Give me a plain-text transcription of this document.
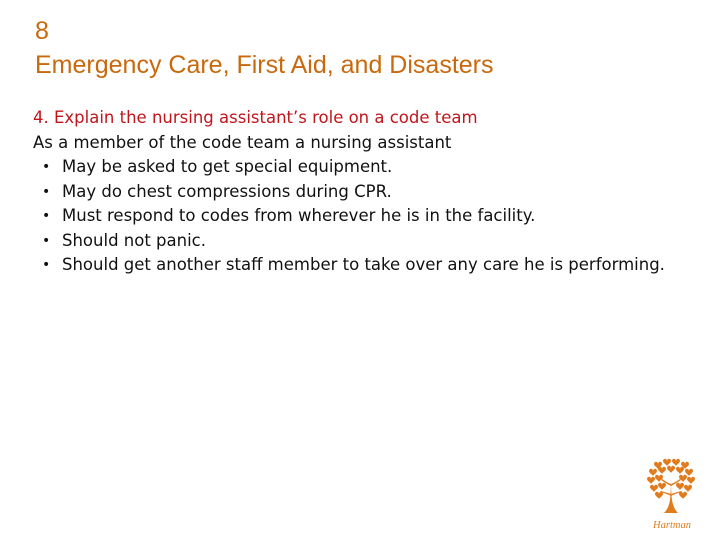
8
Emergency Care, First Aid, and Disasters
4. Explain the nursing assistant’s role on a code team
As a member of the code team a nursing assistant
• May be asked to get special equipment.
• May do chest compressions during CPR.
• Must respond to codes from wherever he is in the facility.
• Should not panic.
• Should get another staff member to take over any care he is performing.
Hartman
